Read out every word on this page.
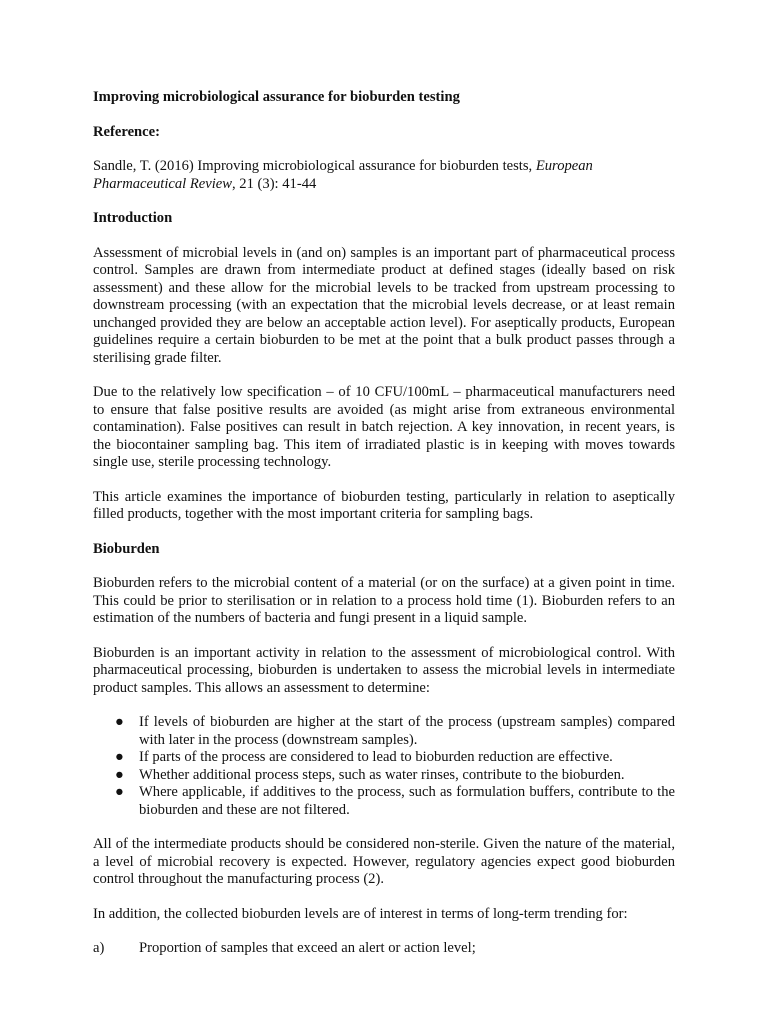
Improving microbiological assurance for bioburden testing

Reference:

Sandle, T. (2016) Improving microbiological assurance for bioburden tests, European Pharmaceutical Review, 21 (3): 41-44

Introduction

Assessment of microbial levels in (and on) samples is an important part of pharmaceutical process control. Samples are drawn from intermediate product at defined stages (ideally based on risk assessment) and these allow for the microbial levels to be tracked from upstream processing to downstream processing (with an expectation that the microbial levels decrease, or at least remain unchanged provided they are below an acceptable action level). For aseptically products, European guidelines require a certain bioburden to be met at the point that a bulk product passes through a sterilising grade filter.

Due to the relatively low specification – of 10 CFU/100mL – pharmaceutical manufacturers need to ensure that false positive results are avoided (as might arise from extraneous environmental contamination). False positives can result in batch rejection. A key innovation, in recent years, is the biocontainer sampling bag. This item of irradiated plastic is in keeping with moves towards single use, sterile processing technology.

This article examines the importance of bioburden testing, particularly in relation to aseptically filled products, together with the most important criteria for sampling bags.

Bioburden

Bioburden refers to the microbial content of a material (or on the surface) at a given point in time. This could be prior to sterilisation or in relation to a process hold time (1). Bioburden refers to an estimation of the numbers of bacteria and fungi present in a liquid sample.

Bioburden is an important activity in relation to the assessment of microbiological control. With pharmaceutical processing, bioburden is undertaken to assess the microbial levels in intermediate product samples. This allows an assessment to determine:

● If levels of bioburden are higher at the start of the process (upstream samples) compared with later in the process (downstream samples).
● If parts of the process are considered to lead to bioburden reduction are effective.
● Whether additional process steps, such as water rinses, contribute to the bioburden.
● Where applicable, if additives to the process, such as formulation buffers, contribute to the bioburden and these are not filtered.

All of the intermediate products should be considered non-sterile. Given the nature of the material, a level of microbial recovery is expected. However, regulatory agencies expect good bioburden control throughout the manufacturing process (2).

In addition, the collected bioburden levels are of interest in terms of long-term trending for:

a)	Proportion of samples that exceed an alert or action level;
